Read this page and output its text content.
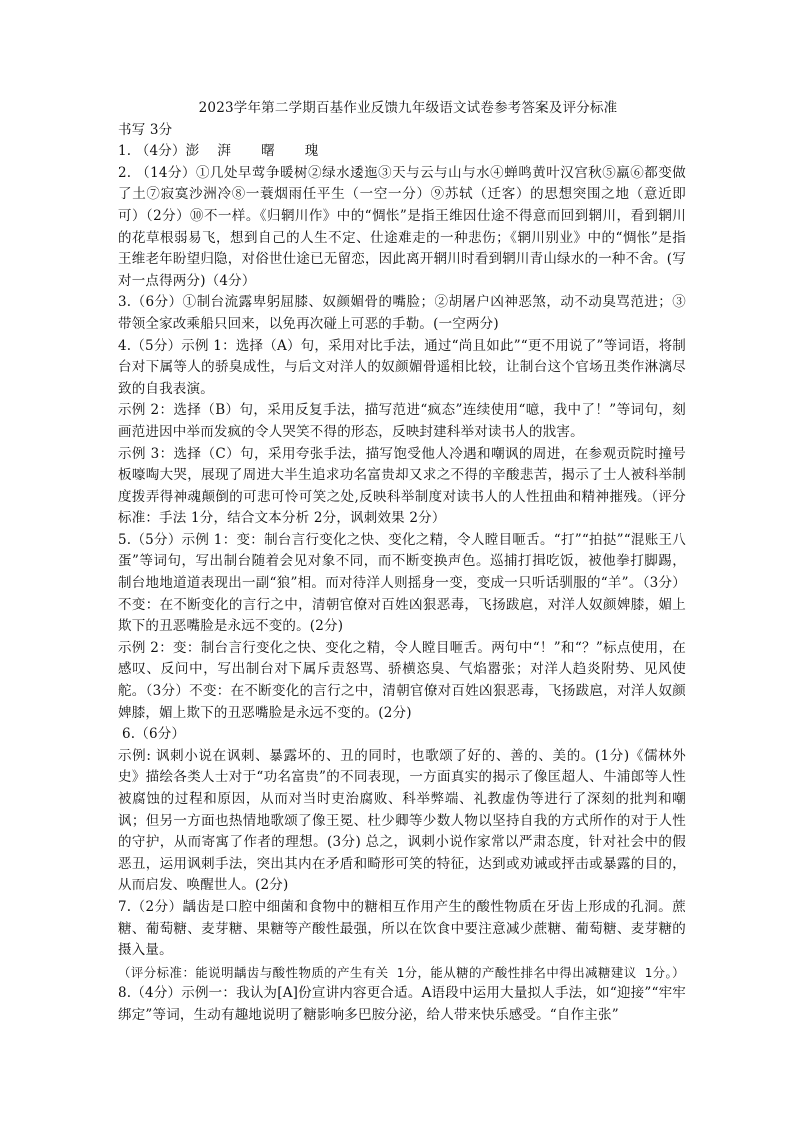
2023学年第二学期百基作业反馈九年级语文试卷参考答案及评分标准
书写 3分
1. （4分）澎 湃 曙 瑰
2. （14分）①几处早莺争暖树②绿水逶迤③天与云与山与水④蝉鸣黄叶汉宫秋⑤羸⑥都变做了土⑦寂寞沙洲冷⑧一蓑烟雨任平生（一空一分）⑨苏轼（迁客）的思想突围之地（意近即可）（2分）⑩不一样。《归辋川作》中的“惆怅”是指王维因仕途不得意而回到辋川，看到辋川的花草根弱易飞，想到自己的人生不定、仕途难走的一种悲伤；《辋川别业》中的“惆怅”是指王维老年盼望归隐，对俗世仕途已无留恋，因此离开辋川时看到辋川青山绿水的一种不舍。(写对一点得两分)（4分）
3.（6分）①制台流露卑躬屈膝、奴颜媚骨的嘴脸；②胡屠户凶神恶煞，动不动臭骂范进；③带领全家改乘船只回来，以免再次碰上可恶的手勒。(一空两分)
4.（5分）示例 1：选择（A）句，采用对比手法，通过“尚且如此”“更不用说了”等词语，将制台对下属等人的骄臭成性，与后文对洋人的奴颜媚骨遥相比较，让制台这个官场丑类作淋漓尽致的自我表演。
示例 2：选择（B）句，采用反复手法，描写范进“疯态”连续使用“噫，我中了！”等词句，刻画范进因中举而发疯的令人哭笑不得的形态，反映封建科举对读书人的戕害。
示例 3：选择（C）句，采用夸张手法，描写饱受他人冷遇和嘲讽的周进，在参观贡院时撞号板嚎啕大哭，展现了周进大半生追求功名富贵却又求之不得的辛酸悲苦，揭示了士人被科举制度拨弄得神魂颠倒的可悲可怜可笑之处,反映科举制度对读书人的人性扭曲和精神摧残。（评分标准：手法 1分，结合文本分析 2分，讽刺效果 2分）
5.（5分）示例 1：变：制台言行变化之快、变化之精，令人瞠目咂舌。“打”“拍挞”“混账王八蛋”等词句，写出制台随着会见对象不同，而不断变换声色。巡捕打揖吃饭，被他拳打脚踢，制台地地道道表现出一副“狼”相。而对待洋人则摇身一变，变成一只听话驯服的“羊”。（3分）不变：在不断变化的言行之中，清朝官僚对百姓凶狠恶毒，飞扬跋扈，对洋人奴颜婢膝，媚上欺下的丑恶嘴脸是永远不变的。(2分)
示例 2：变：制台言行变化之快、变化之精，令人瞠目咂舌。两句中“！”和“？”标点使用，在感叹、反问中，写出制台对下属斥责怒骂、骄横恣臭、气焰嚣张；对洋人趋炎附势、见风使舵。（3分）不变：在不断变化的言行之中，清朝官僚对百姓凶狠恶毒，飞扬跋扈，对洋人奴颜婢膝，媚上欺下的丑恶嘴脸是永远不变的。(2分)
6.（6分）
示例: 讽刺小说在讽刺、暴露坏的、丑的同时，也歌颂了好的、善的、美的。(1分)《儒林外史》描绘各类人士对于“功名富贵”的不同表现，一方面真实的揭示了像匡超人、牛浦郎等人性被腐蚀的过程和原因，从而对当时吏治腐败、科举弊端、礼教虚伪等进行了深刻的批判和嘲讽；但另一方面也热情地歌颂了像王冕、杜少卿等少数人物以坚持自我的方式所作的对于人性的守护，从而寄寓了作者的理想。(3分) 总之，讽刺小说作家常以严肃态度，针对社会中的假恶丑，运用讽刺手法，突出其内在矛盾和畸形可笑的特征，达到或劝诫或抨击或暴露的目的，从而启发、唤醒世人。(2分)
7.（2分）龋齿是口腔中细菌和食物中的糖相互作用产生的酸性物质在牙齿上形成的孔洞。蔗糖、葡萄糖、麦芽糖、果糖等产酸性最强，所以在饮食中要注意减少蔗糖、葡萄糖、麦芽糖的摄入量。
（评分标准：能说明龋齿与酸性物质的产生有关 1分，能从糖的产酸性排名中得出减糖建议 1分。）
8.（4分）示例一：我认为[A]份宣讲内容更合适。A语段中运用大量拟人手法，如“迎接”“牢牢绑定”等词，生动有趣地说明了糖影响多巴胺分泌，给人带来快乐感受。“自作主张”
